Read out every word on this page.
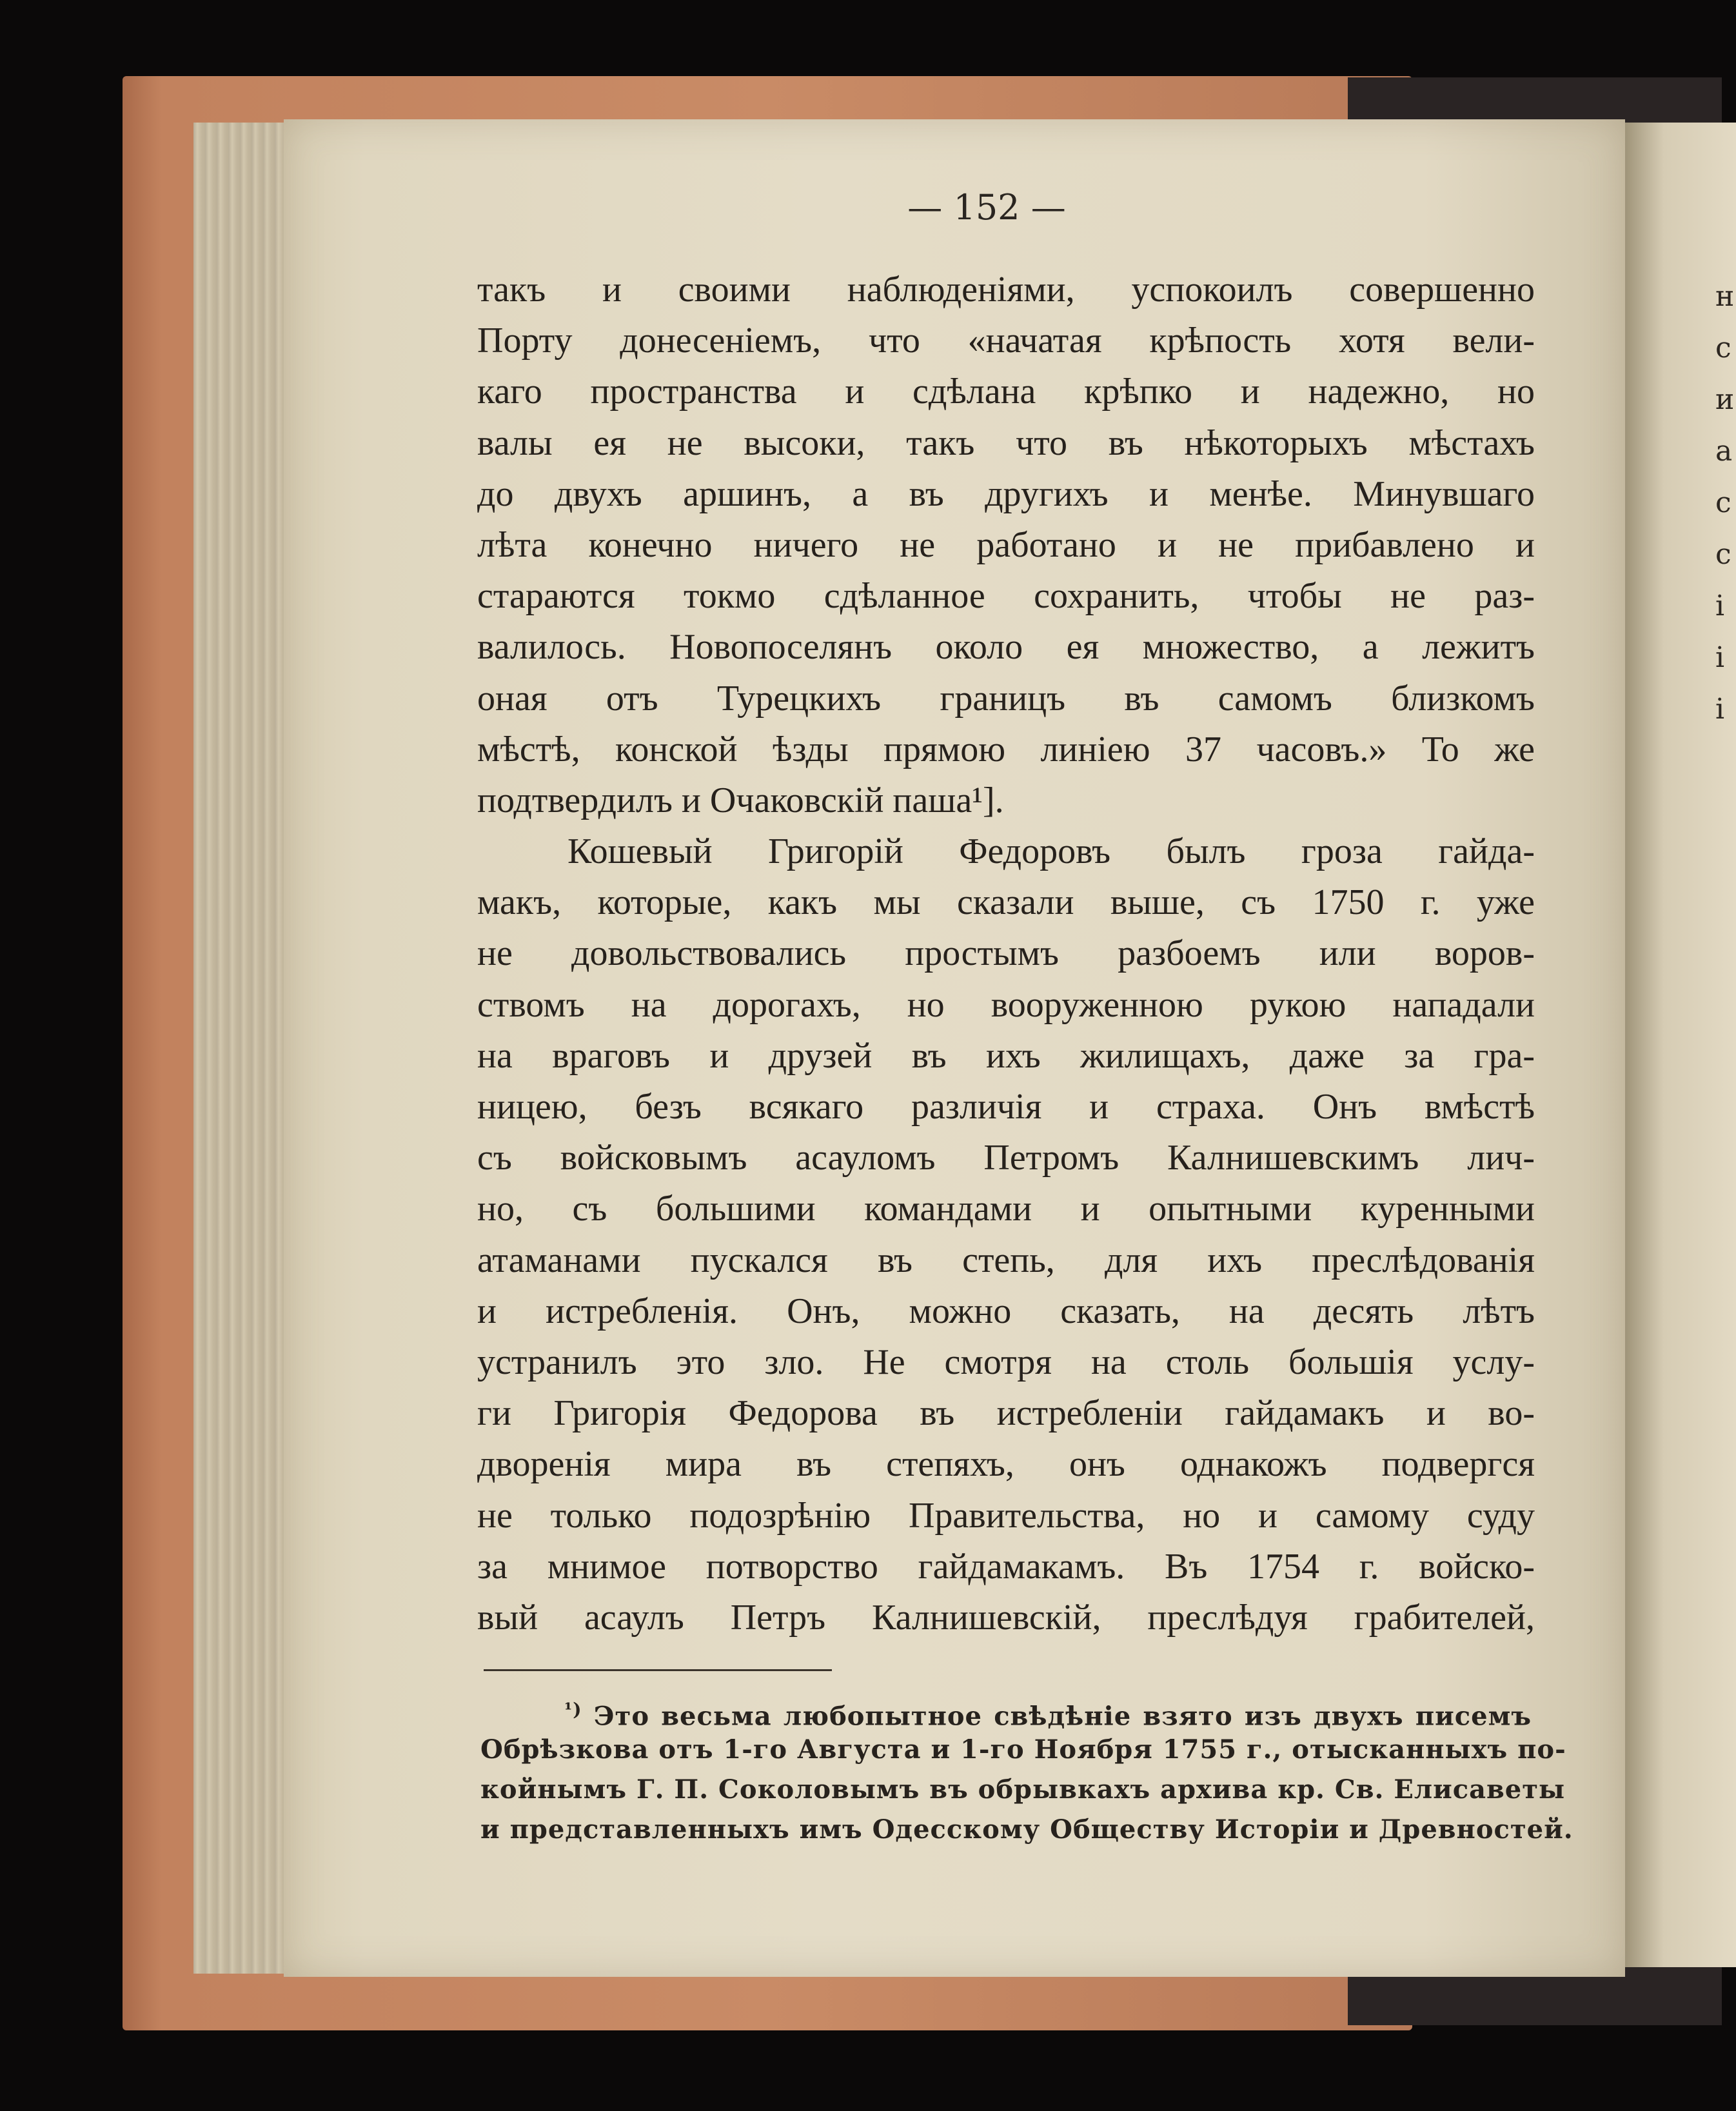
н
с
и
а
с
с
і
і
і
— 152 —
такъ и своими наблюденiями, успокоилъ совершенно
Порту донесенiемъ, что «начатая крѣпость хотя вели-
каго пространства и сдѣлана крѣпко и надежно, но
валы ея не высоки, такъ что въ нѣкоторыхъ мѣстахъ
до двухъ аршинъ, а въ другихъ и менѣе. Минувшаго
лѣта конечно ничего не работано и не прибавлено и
стараются токмо сдѣланное сохранить, чтобы не раз-
валилось. Новопоселянъ около ея множество, а лежитъ
оная отъ Турецкихъ границъ въ самомъ близкомъ
мѣстѣ, конской ѣзды прямою линiею 37 часовъ.» То же
подтвердилъ и Очаковскiй паша¹].
Кошевый Григорiй Федоровъ былъ гроза гайда-
макъ, которые, какъ мы сказали выше, съ 1750 г. уже
не довольствовались простымъ разбоемъ или воров-
ствомъ на дорогахъ, но вооруженною рукою нападали
на враговъ и друзей въ ихъ жилищахъ, даже за гра-
ницею, безъ всякаго различiя и страха. Онъ вмѣстѣ
съ войсковымъ асауломъ Петромъ Калнишевскимъ лич-
но, съ большими командами и опытными куренными
атаманами пускался въ степь, для ихъ преслѣдованiя
и истребленiя. Онъ, можно сказать, на десять лѣтъ
устранилъ это зло. Не смотря на столь большiя услу-
ги Григорiя Федорова въ истребленiи гайдамакъ и во-
дворенiя мира въ степяхъ, онъ однакожъ подвергся
не только подозрѣнiю Правительства, но и самому суду
за мнимое потворство гайдамакамъ. Въ 1754 г. войско-
вый асаулъ Петръ Калнишевскiй, преслѣдуя грабителей,
$^{^1)}$ Это весьма любопытное свѣдѣнiе взято изъ двухъ писемъ
Обрѣзкова отъ 1-го Августа и 1-го Ноября 1755 г., отысканныхъ по-
койнымъ Г. П. Соколовымъ въ обрывкахъ архива кр. Св. Елисаветы
и представленныхъ имъ Одесскому Обществу Исторiи и Древностей.
